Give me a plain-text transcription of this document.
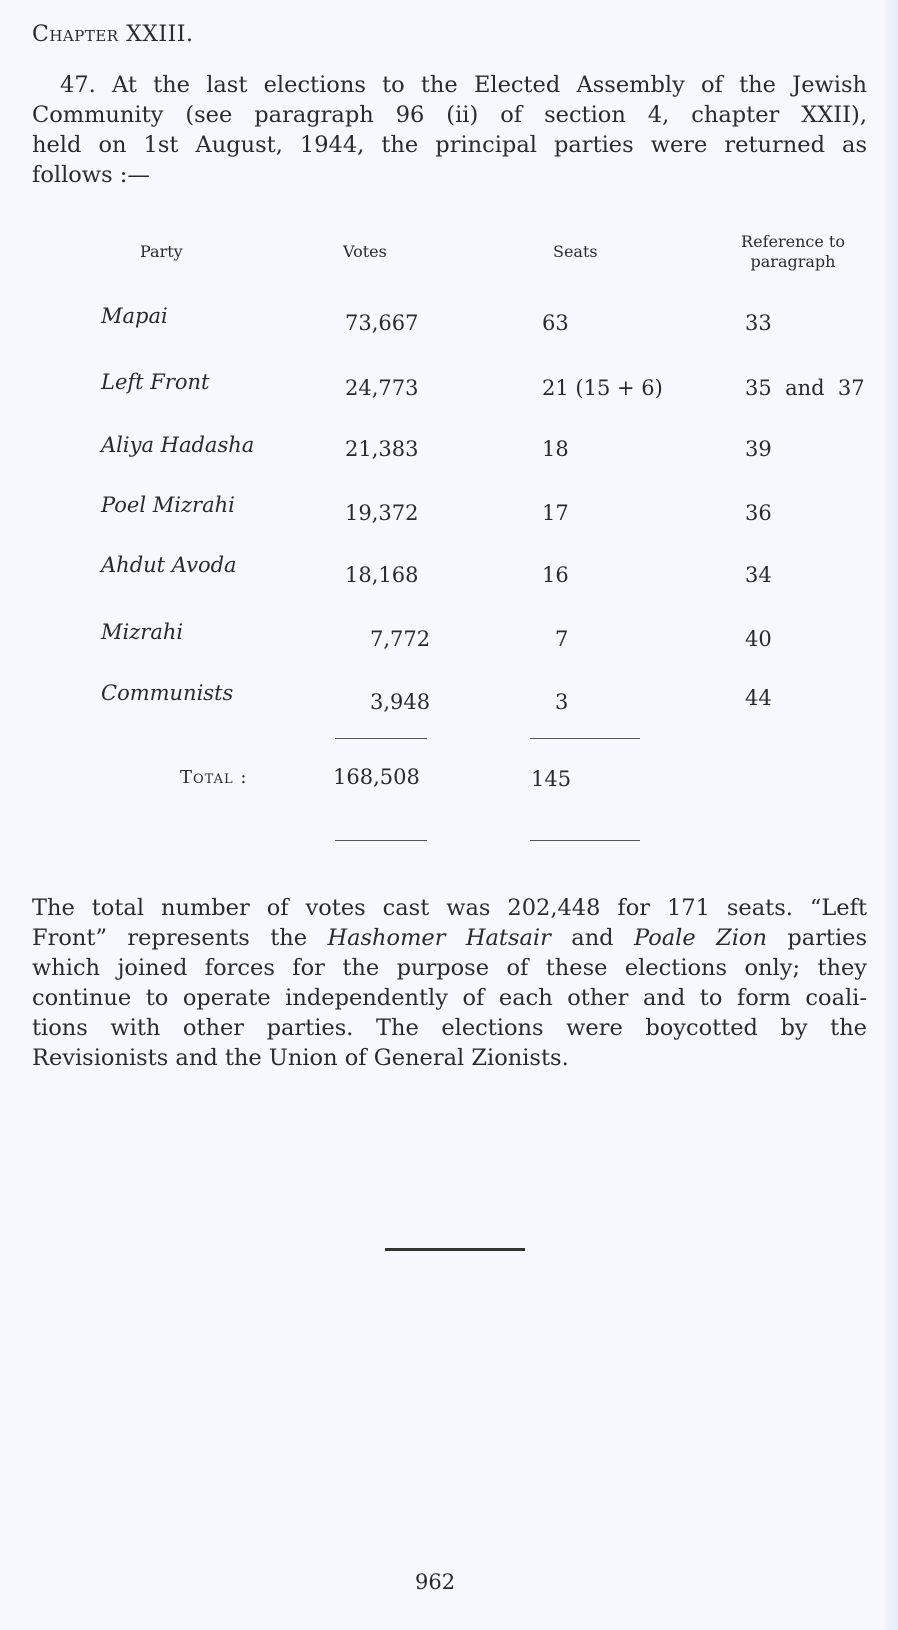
Chapter XXIII.
47. At the last elections to the Elected Assembly of the Jewish
Community (see paragraph 96 (ii) of section 4, chapter XXII),
held on 1st August, 1944, the principal parties were returned as
follows :—
Party	Votes	Seats
Reference to
paragraph
Mapai	73,667	63	33
Left Front	24,773	21 (15 + 6)	35  and  37
Aliya Hadasha	21,383	18	39
Poel Mizrahi	19,372	17	36
Ahdut Avoda	18,168	16	34
Mizrahi	7,772	7	40
Communists	3,948	3	44
Total :	168,508	145
The total number of votes cast was 202,448 for 171 seats. “Left
Front” represents the Hashomer Hatsair and Poale Zion parties
which joined forces for the purpose of these elections only; they
continue to operate independently of each other and to form coali-
tions with other parties. The elections were boycotted by the
Revisionists and the Union of General Zionists.
962
